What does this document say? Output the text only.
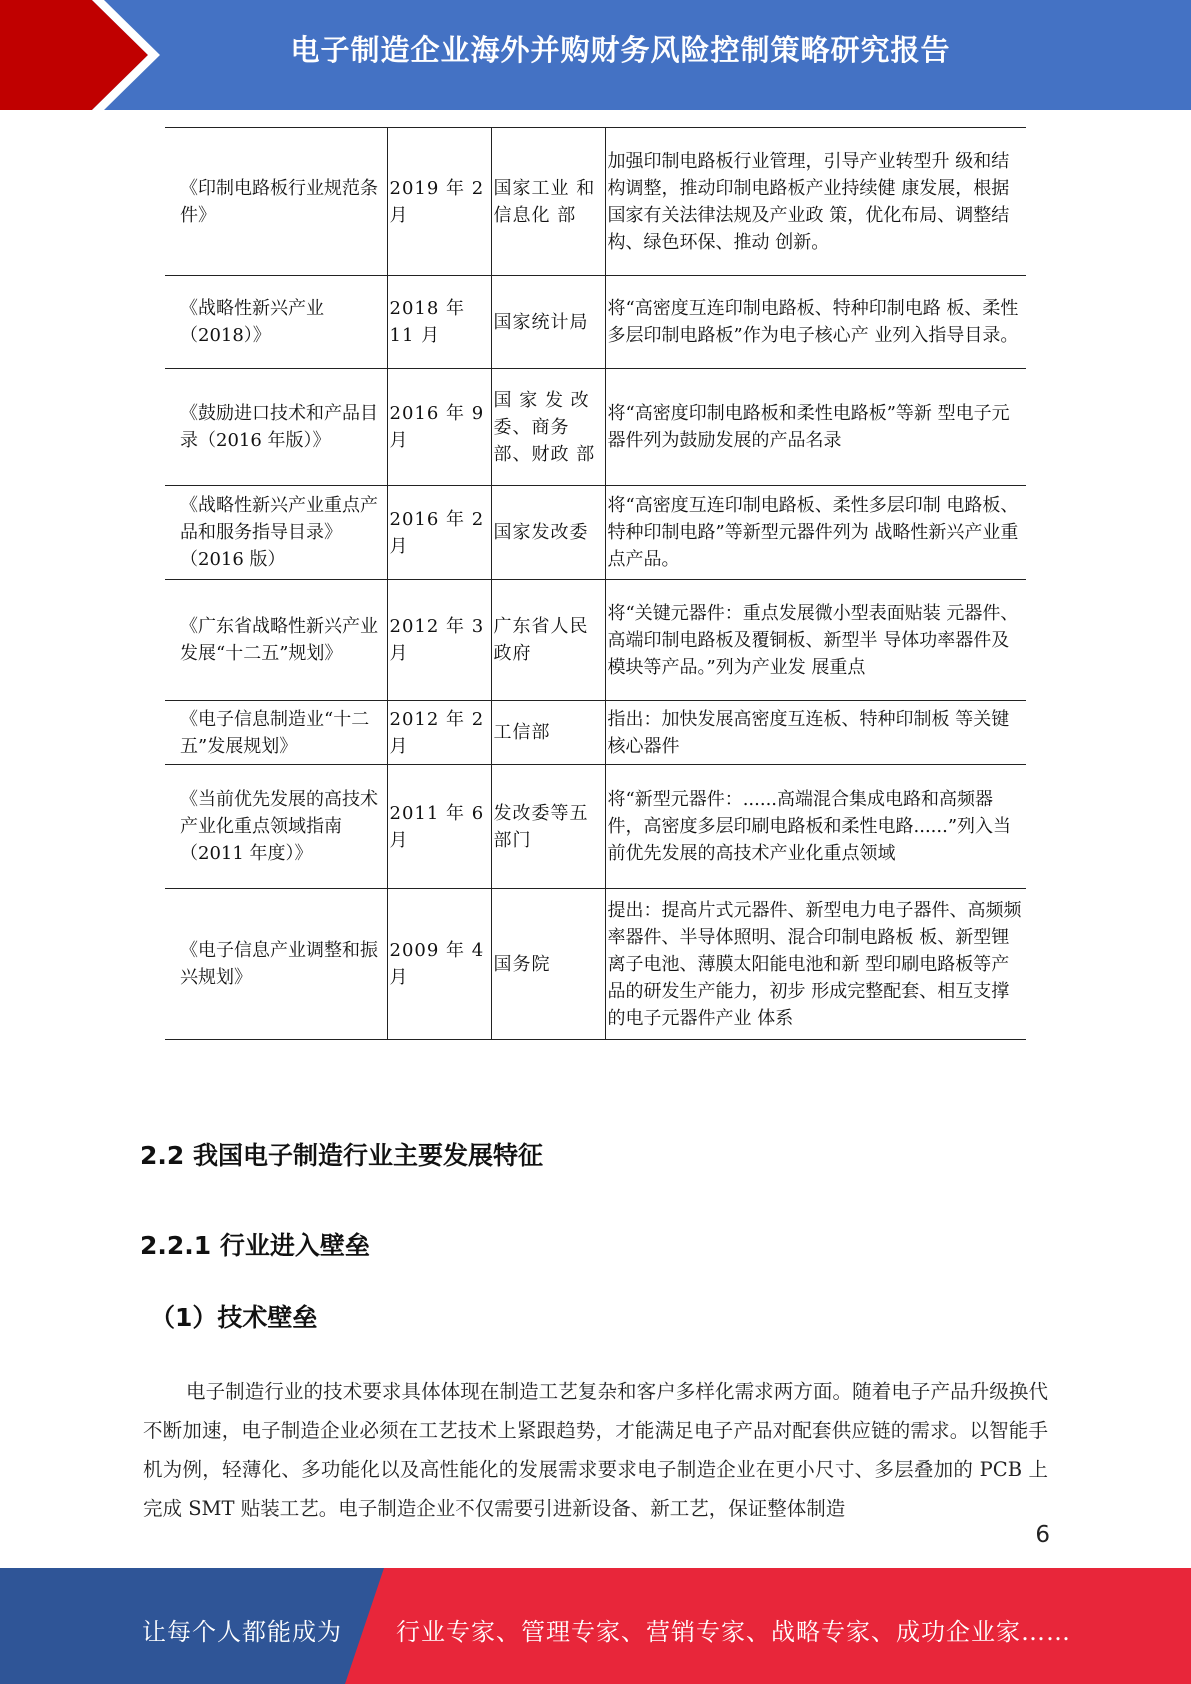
电子制造企业海外并购财务风险控制策略研究报告
《印制电路板行业规范条件》	2019 年 2 月	国家工业 和信息化 部	加强印制电路板行业管理，引导产业转型升 级和结构调整，推动印制电路板产业持续健 康发展，根据国家有关法律法规及产业政 策，优化布局、调整结构、绿色环保、推动 创新。
《战略性新兴产业（2018）》	2018 年 11 月	国家统计局	将“高密度互连印制电路板、特种印制电路 板、柔性多层印制电路板”作为电子核心产 业列入指导目录。
《鼓励进口技术和产品目录（2016 年版）》	2016 年 9 月	国 家 发 改 委、商务 部、财政 部	将“高密度印制电路板和柔性电路板”等新 型电子元器件列为鼓励发展的产品名录
《战略性新兴产业重点产品和服务指导目录》（2016 版）	2016 年 2 月	国家发改委	将“高密度互连印制电路板、柔性多层印制 电路板、特种印制电路”等新型元器件列为 战略性新兴产业重点产品。
《广东省战略性新兴产业发展“十二五”规划》	2012 年 3 月	广东省人民政府	将“关键元器件：重点发展微小型表面贴装 元器件、高端印制电路板及覆铜板、新型半 导体功率器件及模块等产品。”列为产业发 展重点
《电子信息制造业“十二五”发展规划》	2012 年 2 月	工信部	指出：加快发展高密度互连板、特种印制板 等关键核心器件
《当前优先发展的高技术产业化重点领域指南（2011 年度）》	2011 年 6 月	发改委等五部门	将“新型元器件：......高端混合集成电路和高频器件，高密度多层印刷电路板和柔性电路......”列入当前优先发展的高技术产业化重点领域
《电子信息产业调整和振兴规划》	2009 年 4 月	国务院	提出：提高片式元器件、新型电力电子器件、高频频率器件、半导体照明、混合印制电路板 板、新型锂离子电池、薄膜太阳能电池和新 型印刷电路板等产品的研发生产能力，初步 形成完整配套、相互支撑的电子元器件产业 体系
2.2 我国电子制造行业主要发展特征
2.2.1 行业进入壁垒
（1）技术壁垒

电子制造行业的技术要求具体体现在制造工艺复杂和客户多样化需求两方面。随着电子产品升级换代不断加速，电子制造企业必须在工艺技术上紧跟趋势，才能满足电子产品对配套供应链的需求。以智能手机为例，轻薄化、多功能化以及高性能化的发展需求要求电子制造企业在更小尺寸、多层叠加的 PCB 上完成 SMT 贴装工艺。电子制造企业不仅需要引进新设备、新工艺，保证整体制造

6
让每个人都能成为 行业专家、管理专家、营销专家、战略专家、成功企业家……
